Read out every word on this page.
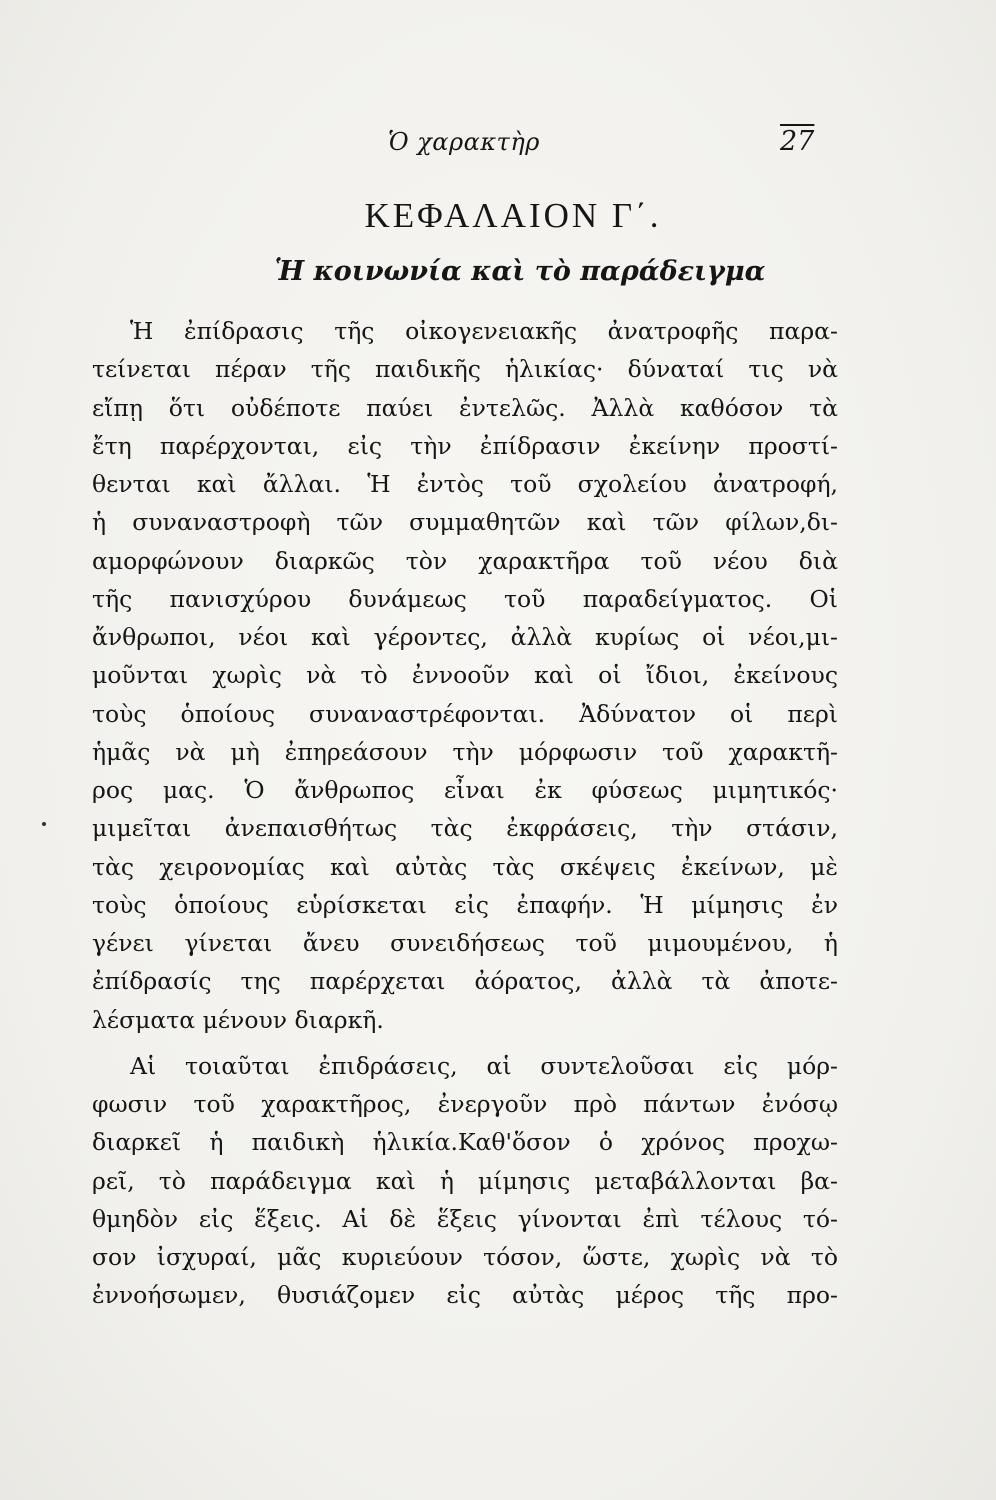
Ὁ χαρακτὴρ	27
ΚΕΦΑΛΑΙΟΝ Γ΄.
Ἡ κοινωνία καὶ τὸ παράδειγμα
Ἡ ἐπίδρασις τῆς οἰκογενειακῆς ἀνατροφῆς παρα-
τείνεται πέραν τῆς παιδικῆς ἡλικίας· δύναταί τις νὰ
εἴπῃ ὅτι οὐδέποτε παύει ἐντελῶς. Ἀλλὰ καθόσον τὰ
ἔτη παρέρχονται, εἰς τὴν ἐπίδρασιν ἐκείνην προστί-
θενται καὶ ἄλλαι. Ἡ ἐντὸς τοῦ σχολείου ἀνατροφή,
ἡ συναναστροφὴ τῶν συμμαθητῶν καὶ τῶν φίλων,δι-
αμορφώνουν διαρκῶς τὸν χαρακτῆρα τοῦ νέου διὰ
τῆς πανισχύρου δυνάμεως τοῦ παραδείγματος. Οἱ
ἄνθρωποι, νέοι καὶ γέροντες, ἀλλὰ κυρίως οἱ νέοι,μι-
μοῦνται χωρὶς νὰ τὸ ἐννοοῦν καὶ οἱ ἴδιοι, ἐκείνους
τοὺς ὁποίους συναναστρέφονται. Ἀδύνατον οἱ περὶ
ἡμᾶς νὰ μὴ ἐπηρεάσουν τὴν μόρφωσιν τοῦ χαρακτῆ-
ρος μας. Ὁ ἄνθρωπος εἶναι ἐκ φύσεως μιμητικός·
μιμεῖται ἀνεπαισθήτως τὰς ἐκφράσεις, τὴν στάσιν,
τὰς χειρονομίας καὶ αὐτὰς τὰς σκέψεις ἐκείνων, μὲ
τοὺς ὁποίους εὑρίσκεται εἰς ἐπαφήν. Ἡ μίμησις ἐν
γένει γίνεται ἄνευ συνειδήσεως τοῦ μιμουμένου, ἡ
ἐπίδρασίς της παρέρχεται ἀόρατος, ἀλλὰ τὰ ἀποτε-
λέσματα μένουν διαρκῆ.
Αἱ τοιαῦται ἐπιδράσεις, αἱ συντελοῦσαι εἰς μόρ-
φωσιν τοῦ χαρακτῆρος, ἐνεργοῦν πρὸ πάντων ἐνόσῳ
διαρκεῖ ἡ παιδικὴ ἡλικία.Καθ'ὅσον ὁ χρόνος προχω-
ρεῖ, τὸ παράδειγμα καὶ ἡ μίμησις μεταβάλλονται βα-
θμηδὸν εἰς ἕξεις. Αἱ δὲ ἕξεις γίνονται ἐπὶ τέλους τό-
σον ἰσχυραί, μᾶς κυριεύουν τόσον, ὥστε, χωρὶς νὰ τὸ
ἐννοήσωμεν, θυσιάζομεν εἰς αὐτὰς μέρος τῆς προ-
